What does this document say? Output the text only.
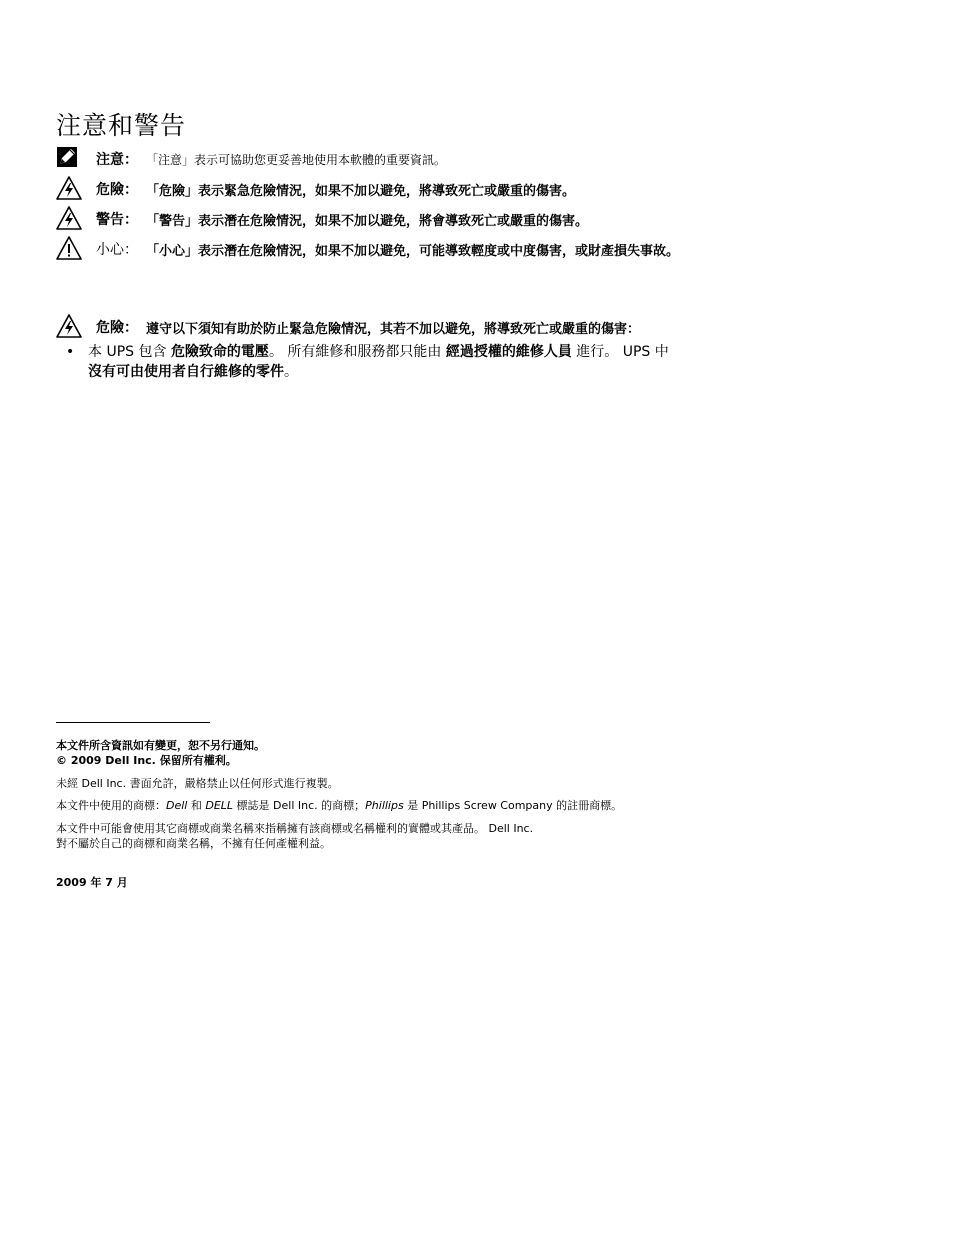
注意和警告
注意： 「注意」表示可協助您更妥善地使用本軟體的重要資訊。
危險： 「危險」表示緊急危險情況，如果不加以避免，將導致死亡或嚴重的傷害。
警告： 「警告」表示潛在危險情況，如果不加以避免，將會導致死亡或嚴重的傷害。
小心： 「小心」表示潛在危險情況，如果不加以避免，可能導致輕度或中度傷害，或財產損失事故。
危險： 遵守以下須知有助於防止緊急危險情況，其若不加以避免，將導致死亡或嚴重的傷害：
• 本 UPS 包含 危險致命的電壓。 所有維修和服務都只能由 經過授權的維修人員 進行。 UPS 中
沒有可由使用者自行維修的零件。
本文件所含資訊如有變更，恕不另行通知。
© 2009 Dell Inc. 保留所有權利。
未經 Dell Inc. 書面允許，嚴格禁止以任何形式進行複製。
本文件中使用的商標：Dell 和 DELL 標誌是 Dell Inc. 的商標；Phillips 是 Phillips Screw Company 的註冊商標。
本文件中可能會使用其它商標或商業名稱來指稱擁有該商標或名稱權利的實體或其產品。 Dell Inc.
對不屬於自己的商標和商業名稱，不擁有任何產權利益。
2009 年 7 月
